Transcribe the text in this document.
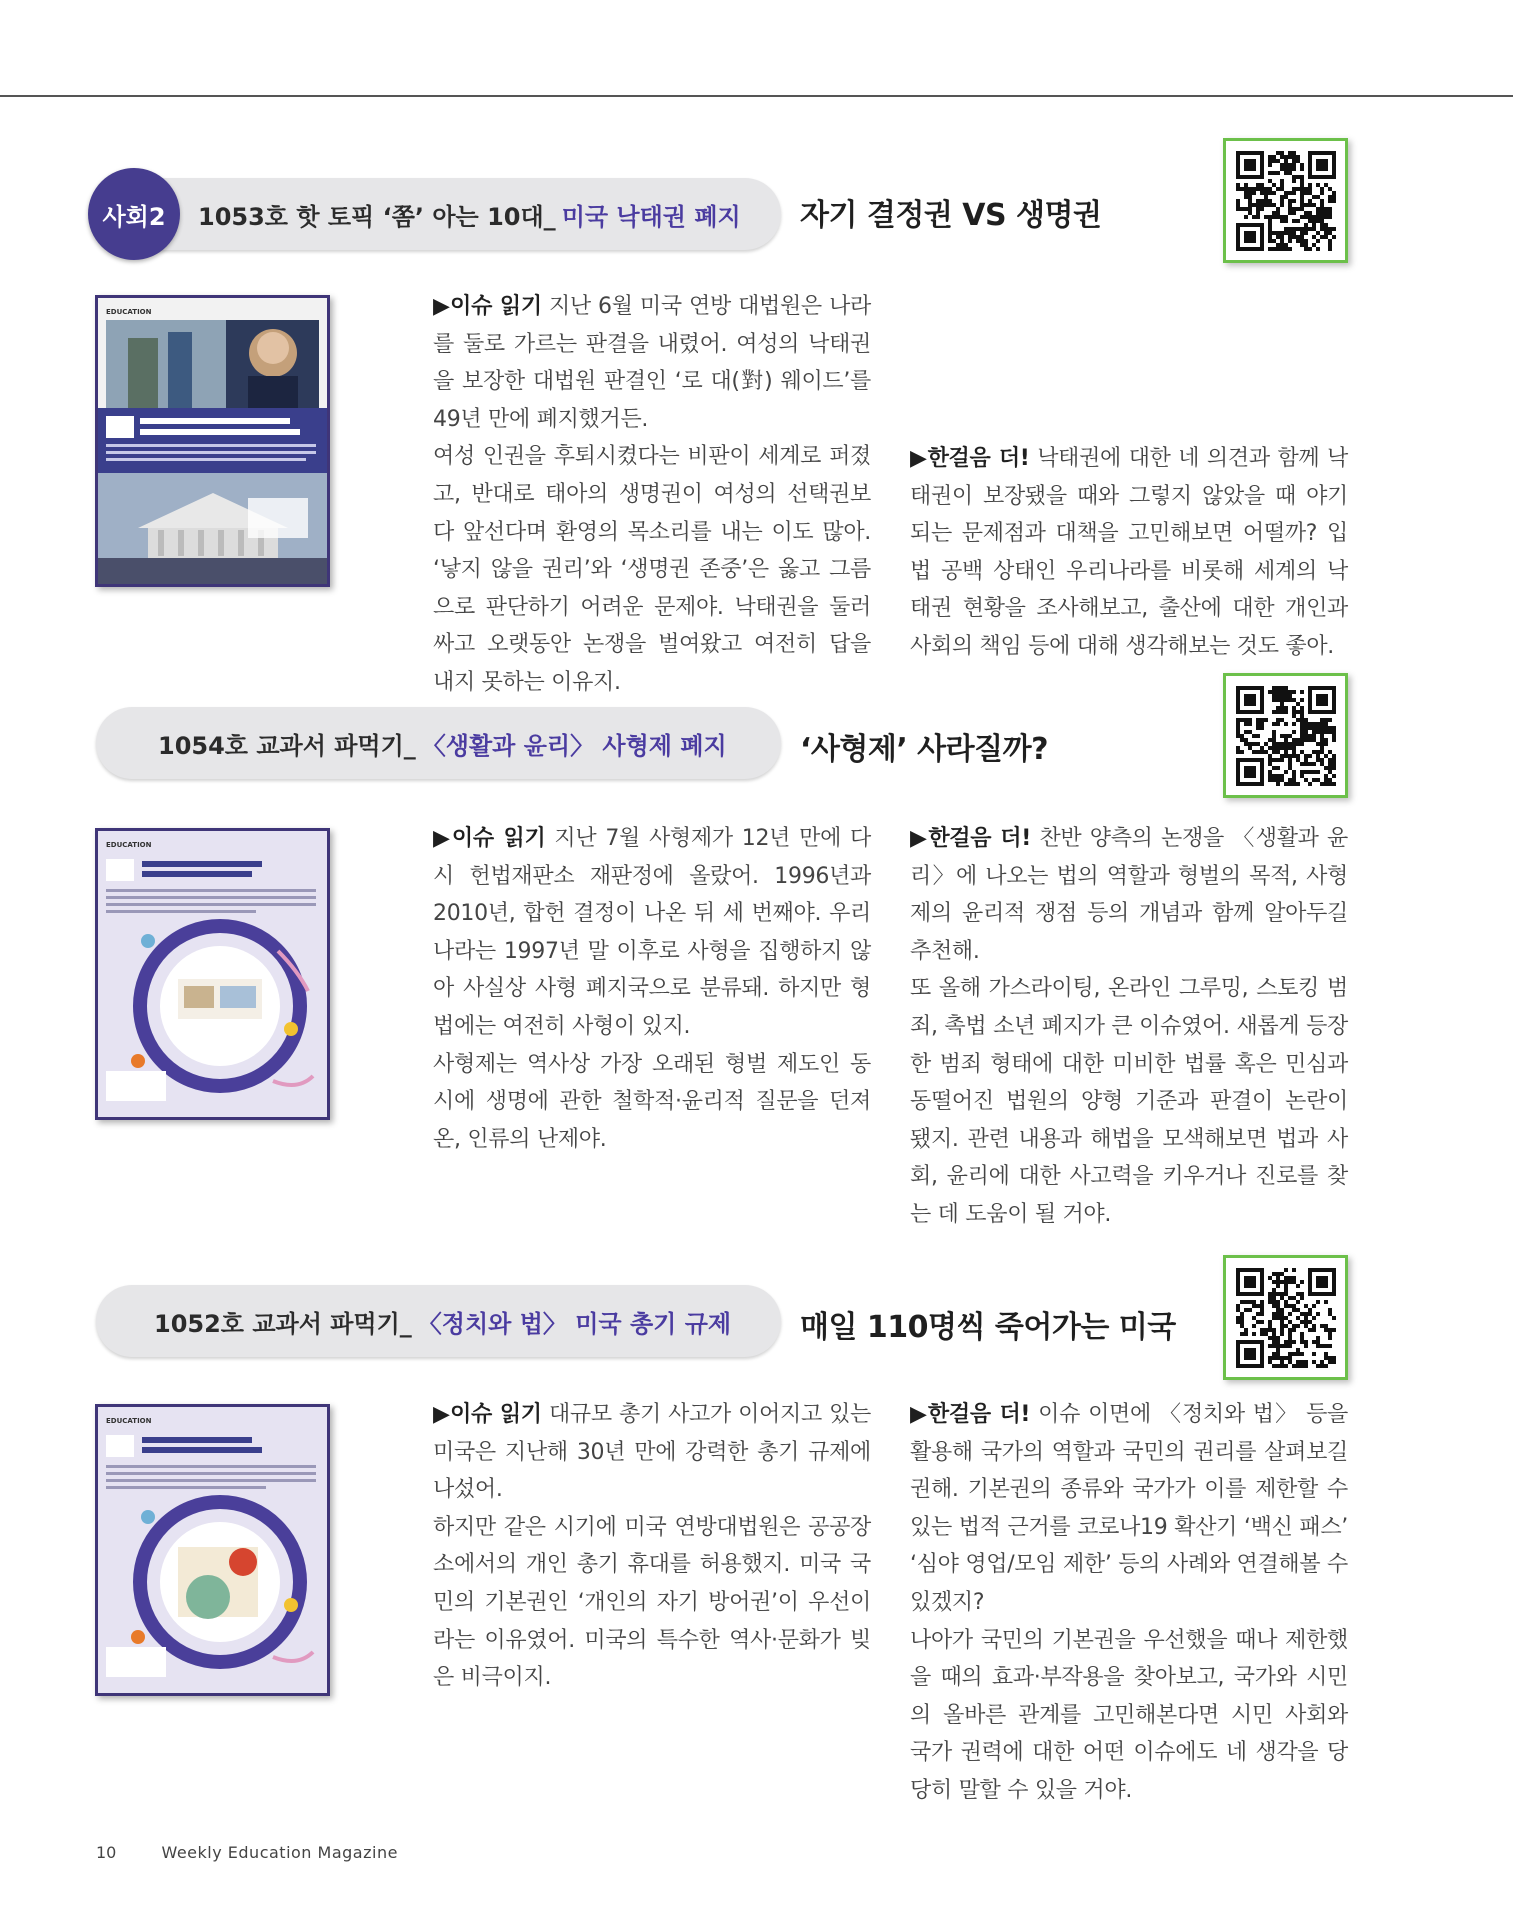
1053호 핫 토픽 ‘쫌’ 아는 10대_ 미국 낙태권 폐지
사회2	자기 결정권 VS 생명권
EDUCATION	▶이슈 읽기 지난 6월 미국 연방 대법원은 나라를 둘로 가르는 판결을 내렸어. 여성의 낙태권을 보장한 대법원 판결인 ‘로 대(對) 웨이드’를 49년 만에 폐지했거든.

여성 인권을 후퇴시켰다는 비판이 세계로 퍼졌고, 반대로 태아의 생명권이 여성의 선택권보다 앞선다며 환영의 목소리를 내는 이도 많아. ‘낳지 않을 권리’와 ‘생명권 존중’은 옳고 그름으로 판단하기 어려운 문제야. 낙태권을 둘러싸고 오랫동안 논쟁을 벌여왔고 여전히 답을 내지 못하는 이유지.

▶한걸음 더! 낙태권에 대한 네 의견과 함께 낙태권이 보장됐을 때와 그렇지 않았을 때 야기되는 문제점과 대책을 고민해보면 어떨까? 입법 공백 상태인 우리나라를 비롯해 세계의 낙태권 현황을 조사해보고, 출산에 대한 개인과 사회의 책임 등에 대해 생각해보는 것도 좋아.

1054호 교과서 파먹기_ 〈생활과 윤리〉 사형제 폐지 ‘사형제’ 사라질까?
EDUCATION	▶이슈 읽기 지난 7월 사형제가 12년 만에 다시 헌법재판소 재판정에 올랐어. 1996년과 2010년, 합헌 결정이 나온 뒤 세 번째야. 우리나라는 1997년 말 이후로 사형을 집행하지 않아 사실상 사형 폐지국으로 분류돼. 하지만 형법에는 여전히 사형이 있지.

사형제는 역사상 가장 오래된 형벌 제도인 동시에 생명에 관한 철학적·윤리적 질문을 던져 온, 인류의 난제야.

▶한걸음 더! 찬반 양측의 논쟁을 〈생활과 윤리〉에 나오는 법의 역할과 형벌의 목적, 사형제의 윤리적 쟁점 등의 개념과 함께 알아두길 추천해.

또 올해 가스라이팅, 온라인 그루밍, 스토킹 범죄, 촉법 소년 폐지가 큰 이슈였어. 새롭게 등장한 범죄 형태에 대한 미비한 법률 혹은 민심과 동떨어진 법원의 양형 기준과 판결이 논란이 됐지. 관련 내용과 해법을 모색해보면 법과 사회, 윤리에 대한 사고력을 키우거나 진로를 찾는 데 도움이 될 거야.

1052호 교과서 파먹기_ 〈정치와 법〉 미국 총기 규제 매일 110명씩 죽어가는 미국
EDUCATION	▶이슈 읽기 대규모 총기 사고가 이어지고 있는 미국은 지난해 30년 만에 강력한 총기 규제에 나섰어.

하지만 같은 시기에 미국 연방대법원은 공공장소에서의 개인 총기 휴대를 허용했지. 미국 국민의 기본권인 ‘개인의 자기 방어권’이 우선이라는 이유였어. 미국의 특수한 역사·문화가 빚은 비극이지.

▶한걸음 더! 이슈 이면에 〈정치와 법〉 등을 활용해 국가의 역할과 국민의 권리를 살펴보길 권해. 기본권의 종류와 국가가 이를 제한할 수 있는 법적 근거를 코로나19 확산기 ‘백신 패스’ ‘심야 영업/모임 제한’ 등의 사례와 연결해볼 수 있겠지?

나아가 국민의 기본권을 우선했을 때나 제한했을 때의 효과·부작용을 찾아보고, 국가와 시민의 올바른 관계를 고민해본다면 시민 사회와 국가 권력에 대한 어떤 이슈에도 네 생각을 당당히 말할 수 있을 거야.

10	Weekly Education Magazine
